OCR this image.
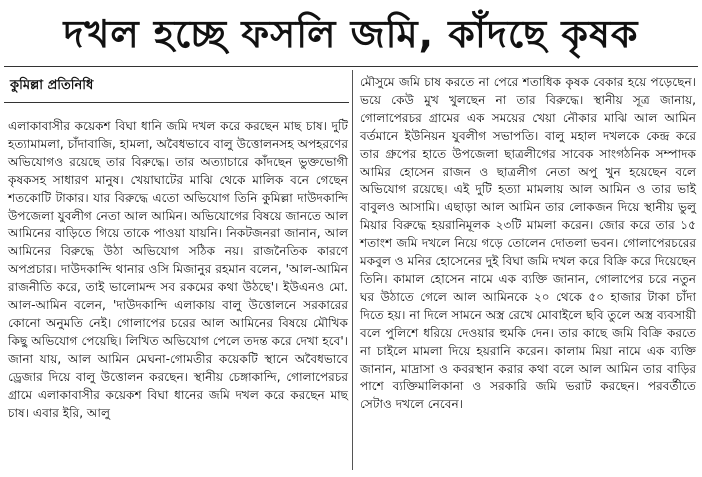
দখল হচ্ছে ফসলি জমি, কাঁদছে কৃষক
কুমিল্লা প্রতিনিধি

এলাকাবাসীর কয়েকশ বিঘা ধানি জমি দখল করে করছেন মাছ চাষ। দুটি হত্যামামলা, চাঁদাবাজি, হামলা, অবৈধভাবে বালু উত্তোলনসহ অপহরণের অভিযোগও রয়েছে তার বিরুদ্ধে। তার অত্যাচারে কাঁদছেন ভুক্তভোগী কৃষকসহ সাধারণ মানুষ। খেয়াঘাটের মাঝি থেকে মালিক বনে গেছেন শতকোটি টাকার। যার বিরুদ্ধে এতো অভিযোগ তিনি কুমিল্লা দাউদকান্দি উপজেলা যুবলীগ নেতা আল আমিন। অভিযোগের বিষয়ে জানতে আল আমিনের বাড়িতে গিয়ে তাকে পাওয়া যায়নি। নিকটজনরা জানান, আল আমিনের বিরুদ্ধে উঠা অভিযোগ সঠিক নয়। রাজনৈতিক কারণে অপপ্রচার। দাউদকান্দি থানার ওসি মিজানুর রহমান বলেন, 'আল-আমিন রাজনীতি করে, তাই ভালোমন্দ সব রকমের কথা উঠছে'। ইউএনও মো. আল-আমিন বলেন, 'দাউদকান্দি এলাকায় বালু উত্তোলনে সরকারের কোনো অনুমতি নেই। গোলাপের চরের আল আমিনের বিষয়ে মৌখিক কিছু অভিযোগ পেয়েছি। লিখিত অভিযোগ পেলে তদন্ত করে দেখা হবে'। জানা যায়, আল আমিন মেঘনা-গোমতীর কয়েকটি স্থানে অবৈধভাবে ড্রেজার দিয়ে বালু উত্তোলন করছেন। স্থানীয় চেঙ্গাকান্দি, গোলাপেরচর গ্রামে এলাকাবাসীর কয়েকশ বিঘা ধানের জমি দখল করে করছেন মাছ চাষ। এবার ইরি, আলু

মৌসুমে জমি চাষ করতে না পেরে শতাধিক কৃষক বেকার হয়ে পড়েছেন। ভয়ে কেউ মুখ খুলছেন না তার বিরুদ্ধে। স্থানীয় সূত্র জানায়, গোলাপেরচর গ্রামের এক সময়ের খেয়া নৌকার মাঝি আল আমিন বর্তমানে ইউনিয়ন যুবলীগ সভাপতি। বালু মহাল দখলকে কেন্দ্র করে তার গ্রুপের হাতে উপজেলা ছাত্রলীগের সাবেক সাংগঠনিক সম্পাদক আমির হোসেন রাজন ও ছাত্রলীগ নেতা অপু খুন হয়েছেন বলে অভিযোগ রয়েছে। এই দুটি হত্যা মামলায় আল আমিন ও তার ভাই বাবুলও আসামি। এছাড়া আল আমিন তার লোকজন দিয়ে স্থানীয় ভুলু মিয়ার বিরুদ্ধে হয়রানিমূলক ২৩টি মামলা করেন। জোর করে তার ১৫ শতাংশ জমি দখলে নিয়ে গড়ে তোলেন দোতলা ভবন। গোলাপেরচরের মকবুল ও মনির হোসেনের দুই বিঘা জমি দখল করে বিক্রি করে দিয়েছেন তিনি। কামাল হোসেন নামে এক ব্যক্তি জানান, গোলাপের চরে নতুন ঘর উঠাতে গেলে আল আমিনকে ২০ থেকে ৫০ হাজার টাকা চাঁদা দিতে হয়। না দিলে সামনে অস্ত্র রেখে মোবাইলে ছবি তুলে অস্ত্র ব্যবসায়ী বলে পুলিশে ধরিয়ে দেওয়ার হুমকি দেন। তার কাছে জমি বিক্রি করতে না চাইলে মামলা দিয়ে হয়রানি করেন। কালাম মিয়া নামে এক ব্যক্তি জানান, মাদ্রাসা ও কবরস্থান করার কথা বলে আল আমিন তার বাড়ির পাশে ব্যক্তিমালিকানা ও সরকারি জমি ভরাট করছেন। পরবর্তীতে সেটাও দখলে নেবেন।
